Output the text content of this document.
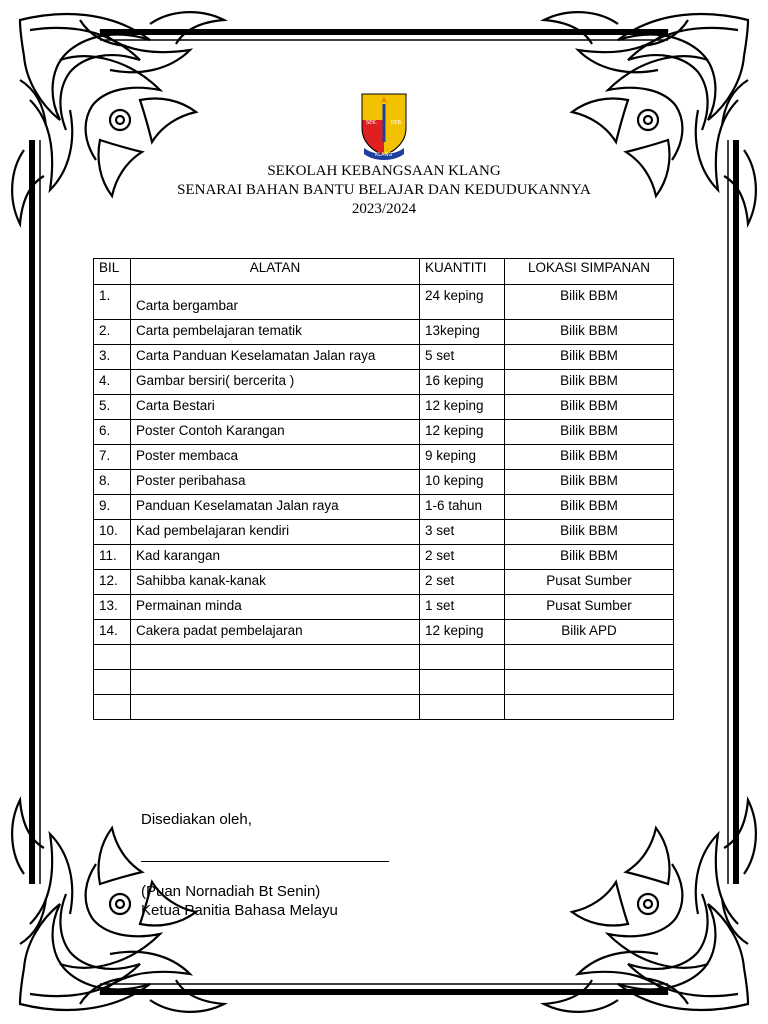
SEK.	KEB.
KLANG
SEKOLAH KEBANGSAAN KLANG
SENARAI BAHAN BANTU BELAJAR DAN KEDUDUKANNYA
2023/2024
BIL	ALATAN	KUANTITI	LOKASI SIMPANAN
1.	Carta bergambar	24 keping	Bilik BBM
2.	Carta pembelajaran tematik	13keping	Bilik BBM
3.	Carta Panduan Keselamatan Jalan raya	5 set	Bilik BBM
4.	Gambar bersiri( bercerita )	16 keping	Bilik BBM
5.	Carta Bestari	12 keping	Bilik BBM
6.	Poster Contoh Karangan	12 keping	Bilik BBM
7.	Poster membaca	9 keping	Bilik BBM
8.	Poster peribahasa	10 keping	Bilik BBM
9.	Panduan Keselamatan Jalan raya	1-6 tahun	Bilik BBM
10.	Kad pembelajaran kendiri	3 set	Bilik BBM
11.	Kad karangan	2 set	Bilik BBM
12.	Sahibba kanak-kanak	2 set	Pusat Sumber
13.	Permainan minda	1 set	Pusat Sumber
14.	Cakera padat pembelajaran	12 keping	Bilik APD

Disediakan oleh,
(Puan Nornadiah Bt Senin)
Ketua Panitia Bahasa Melayu
